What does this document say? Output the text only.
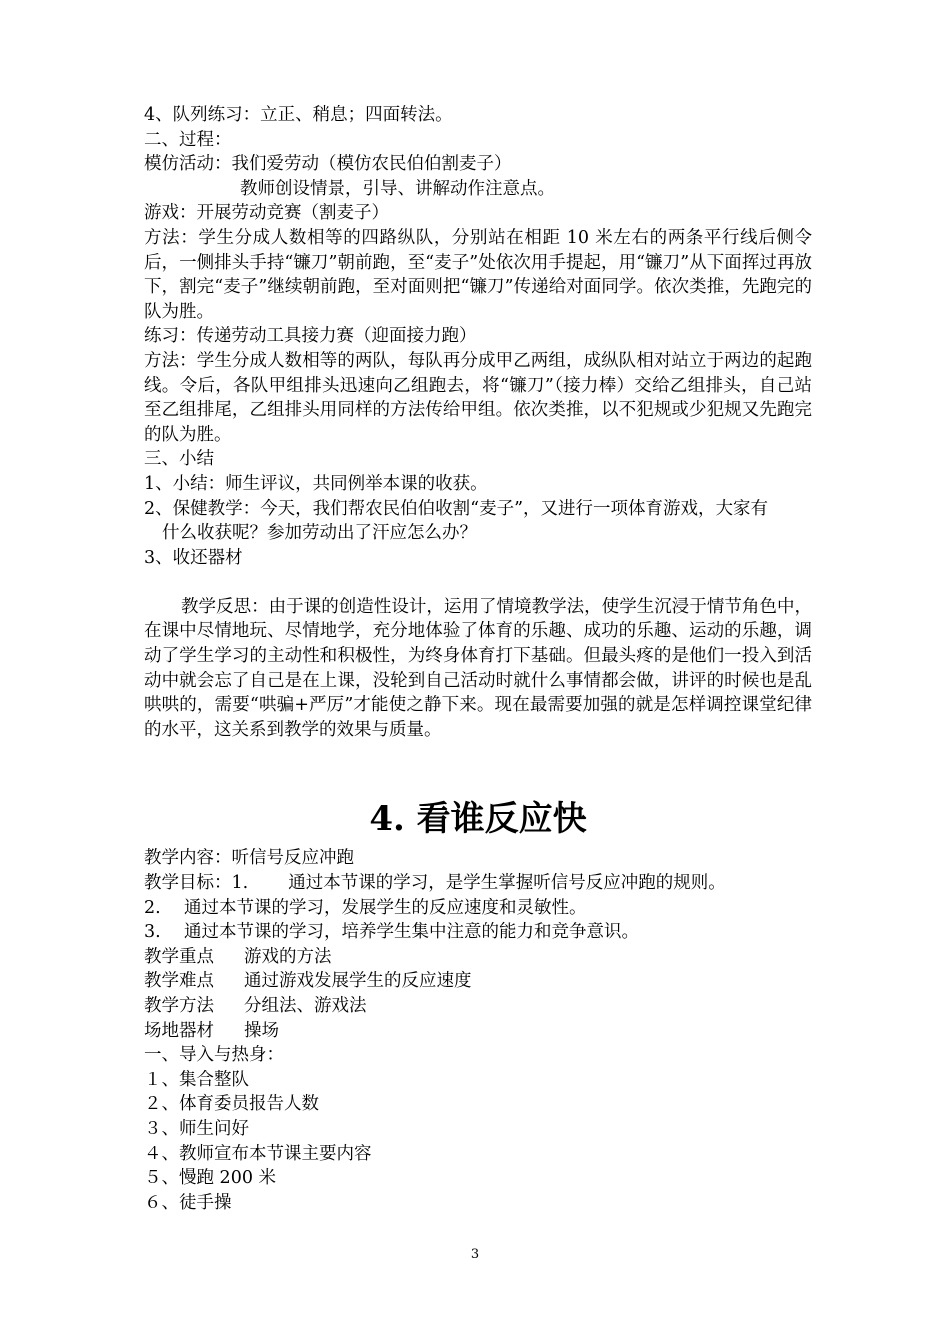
4、队列练习：立正、稍息；四面转法。
二、过程：
模仿活动：我们爱劳动（模仿农民伯伯割麦子）
教师创设情景，引导、讲解动作注意点。
游戏：开展劳动竞赛（割麦子）
方法：学生分成人数相等的四路纵队，分别站在相距 10 米左右的两条平行线后侧令后，一侧排头手持“镰刀”朝前跑，至“麦子”处依次用手提起，用“镰刀”从下面挥过再放下，割完“麦子”继续朝前跑，至对面则把“镰刀”传递给对面同学。依次类推，先跑完的队为胜。
练习：传递劳动工具接力赛（迎面接力跑）
方法：学生分成人数相等的两队，每队再分成甲乙两组，成纵队相对站立于两边的起跑线。令后，各队甲组排头迅速向乙组跑去，将“镰刀”（接力棒）交给乙组排头，自己站至乙组排尾，乙组排头用同样的方法传给甲组。依次类推，以不犯规或少犯规又先跑完的队为胜。
三、小结
1、小结：师生评议，共同例举本课的收获。
2、保健教学：今天，我们帮农民伯伯收割“麦子”，又进行一项体育游戏，大家有
什么收获呢？参加劳动出了汗应怎么办？
3、收还器材
教学反思：由于课的创造性设计，运用了情境教学法，使学生沉浸于情节角色中，在课中尽情地玩、尽情地学，充分地体验了体育的乐趣、成功的乐趣、运动的乐趣，调动了学生学习的主动性和积极性，为终身体育打下基础。但最头疼的是他们一投入到活动中就会忘了自己是在上课，没轮到自己活动时就什么事情都会做，讲评的时候也是乱哄哄的，需要“哄骗+严厉”才能使之静下来。现在最需要加强的就是怎样调控课堂纪律的水平，这关系到教学的效果与质量。
4. 看谁反应快
教学内容：听信号反应冲跑
教学目标：1. 通过本节课的学习，是学生掌握听信号反应冲跑的规则。
2. 通过本节课的学习，发展学生的反应速度和灵敏性。
3. 通过本节课的学习，培养学生集中注意的能力和竞争意识。
教学重点 游戏的方法
教学难点 通过游戏发展学生的反应速度
教学方法 分组法、游戏法
场地器材 操场
一、导入与热身：
１、集合整队
２、体育委员报告人数
３、师生问好
４、教师宣布本节课主要内容
５、慢跑 200 米
６、徒手操
3
